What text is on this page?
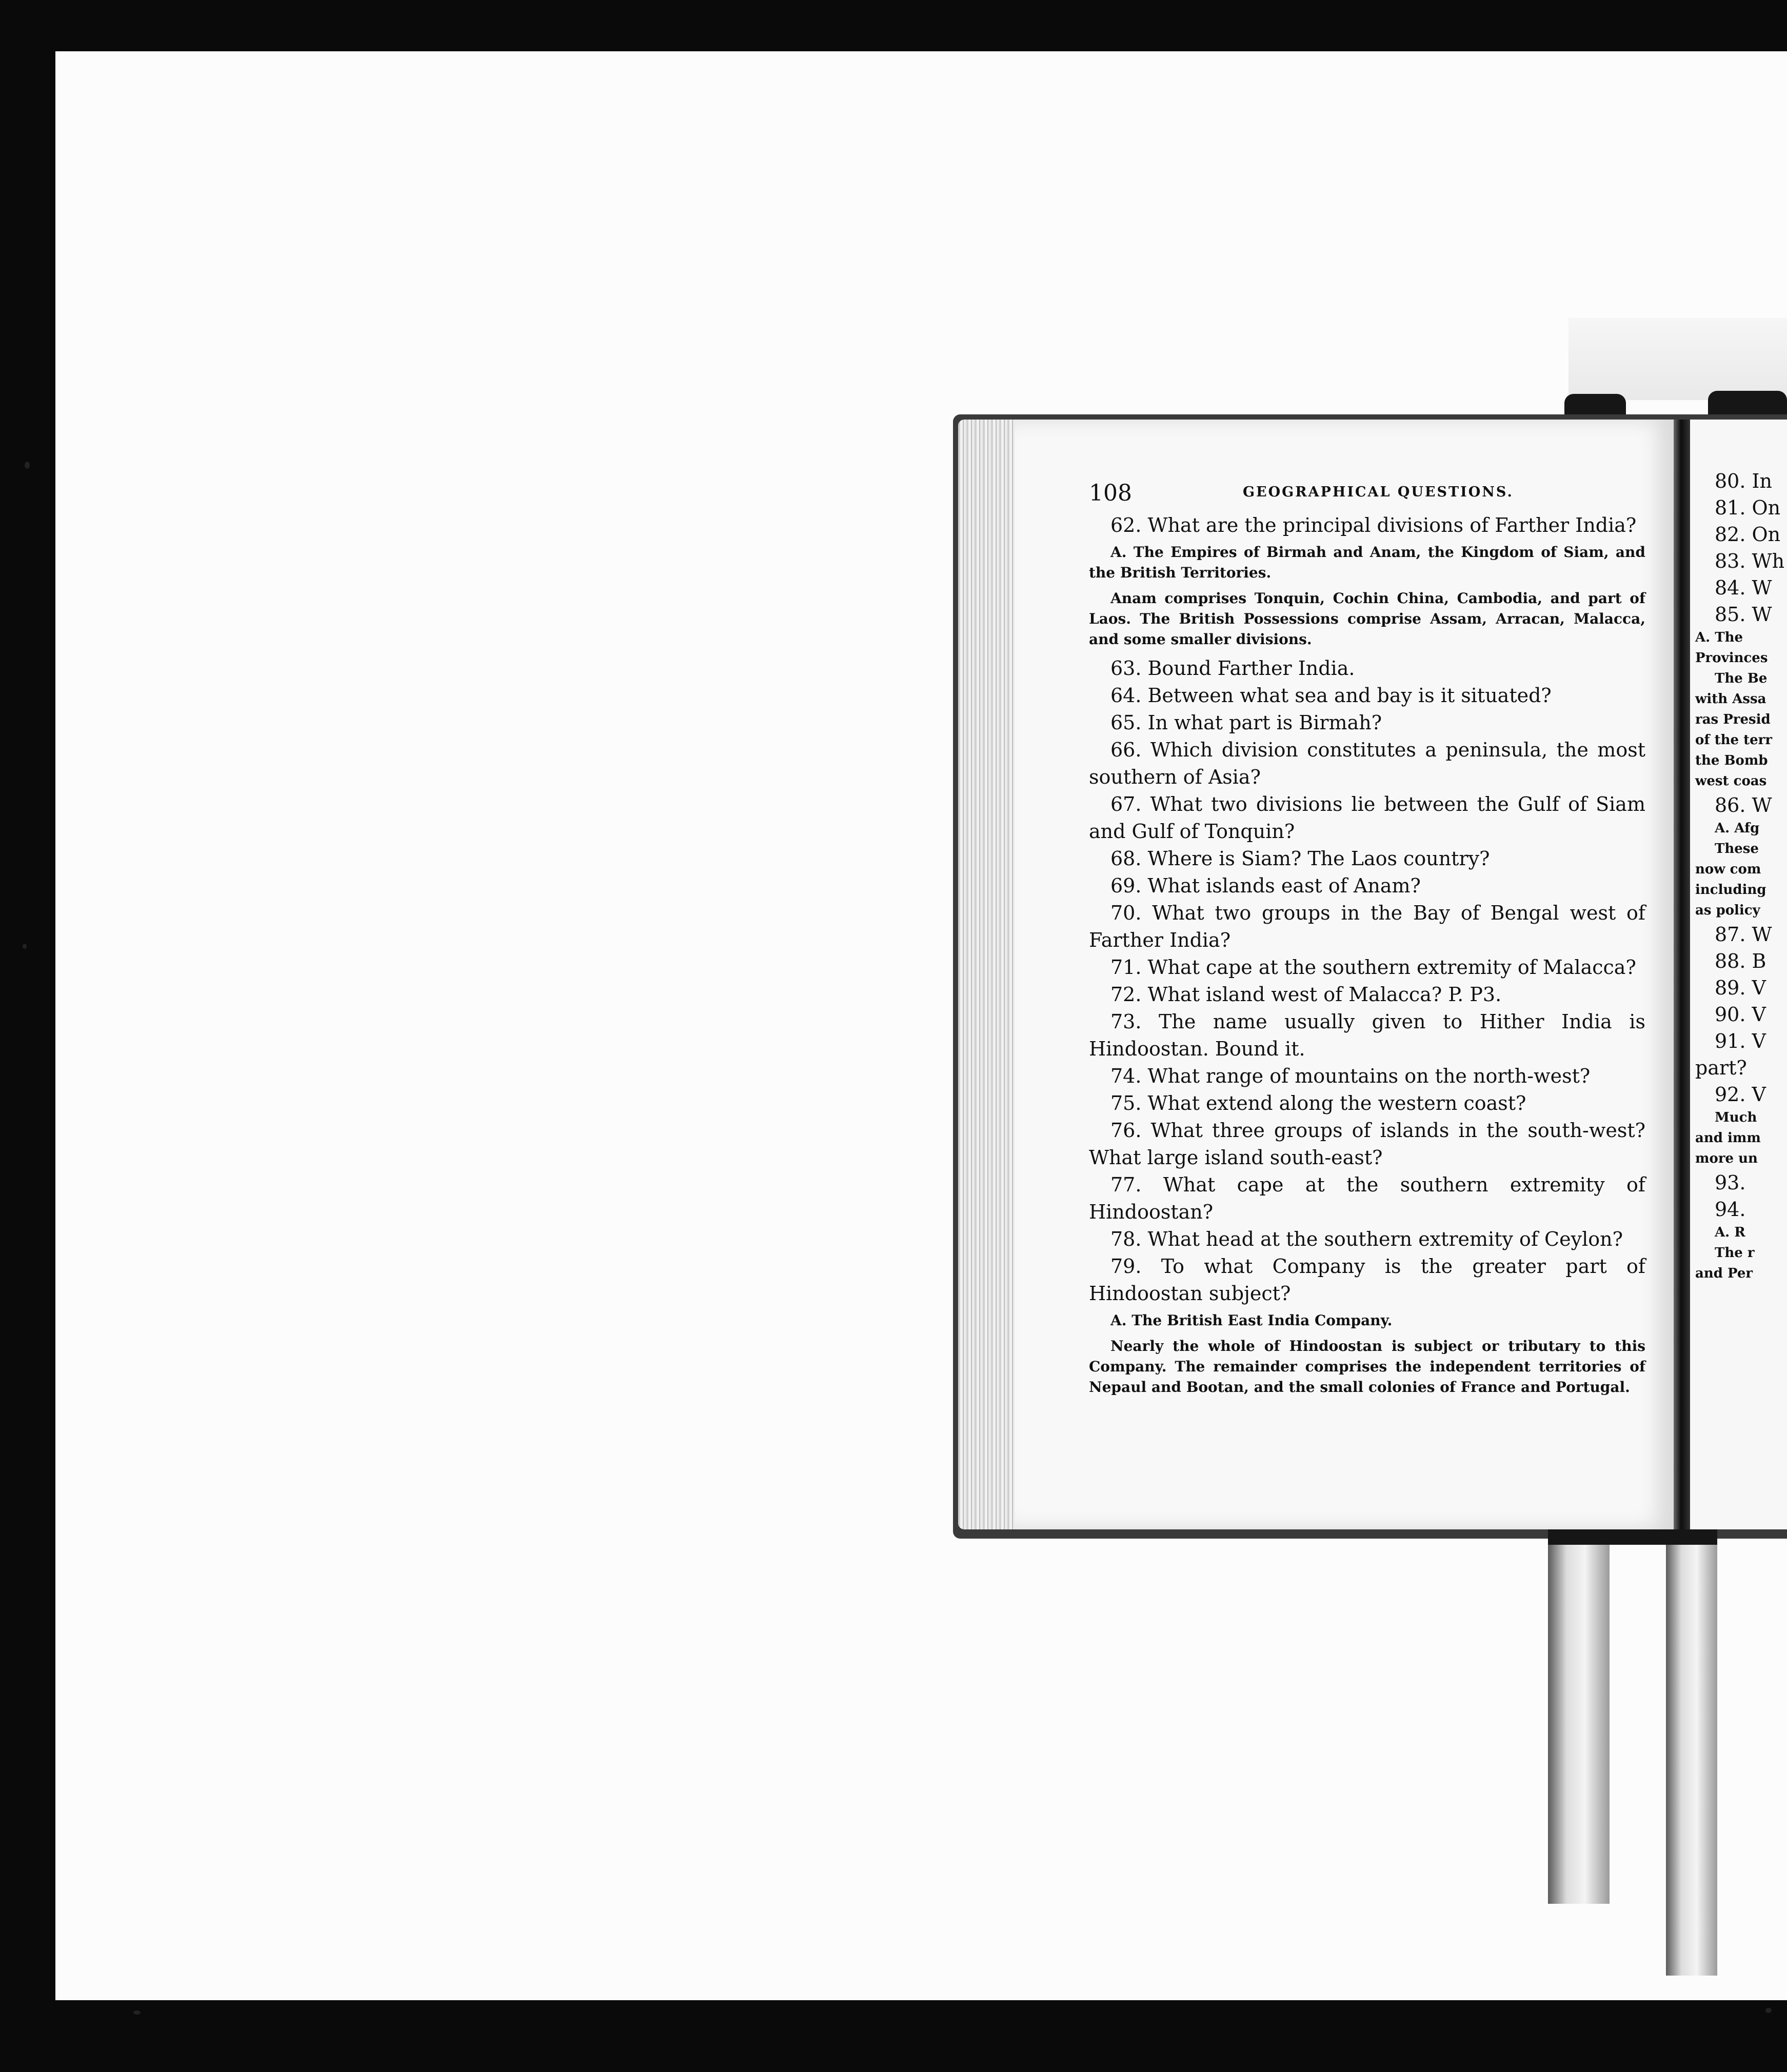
108	GEOGRAPHICAL QUESTIONS.

62. What are the principal divisions of Farther India?

A. The Empires of Birmah and Anam, the Kingdom of Siam, and the British Territories.

Anam comprises Tonquin, Cochin China, Cambodia, and part of Laos. The British Possessions comprise Assam, Arracan, Malacca, and some smaller divisions.

63. Bound Farther India.

64. Between what sea and bay is it situated?

65. In what part is Birmah?

66. Which division constitutes a peninsula, the most southern of Asia?

67. What two divisions lie between the Gulf of Siam and Gulf of Tonquin?

68. Where is Siam? The Laos country?

69. What islands east of Anam?

70. What two groups in the Bay of Bengal west of Farther India?

71. What cape at the southern extremity of Malacca?

72. What island west of Malacca? P. P3.

73. The name usually given to Hither India is Hindoostan. Bound it.

74. What range of mountains on the north-west?

75. What extend along the western coast?

76. What three groups of islands in the south-west? What large island south-east?

77. What cape at the southern extremity of Hindoostan?

78. What head at the southern extremity of Ceylon?

79. To what Company is the greater part of Hindoostan subject?

A. The British East India Company.

Nearly the whole of Hindoostan is subject or tributary to this Company. The remainder comprises the independent territories of Nepaul and Bootan, and the small colonies of France and Portugal.

80. In
81. On
82. On
83. Wh
84. W
85. W
A. The
Provinces
The Be
with Assa
ras Presid
of the terr
the Bomb
west coas
86. W
A. Afg
These
now com
including
as policy
87. W
88. B
89. V
90. V
91. V
part?
92. V
Much
and imm
more un
93.
94.
A. R
The r
and Per
